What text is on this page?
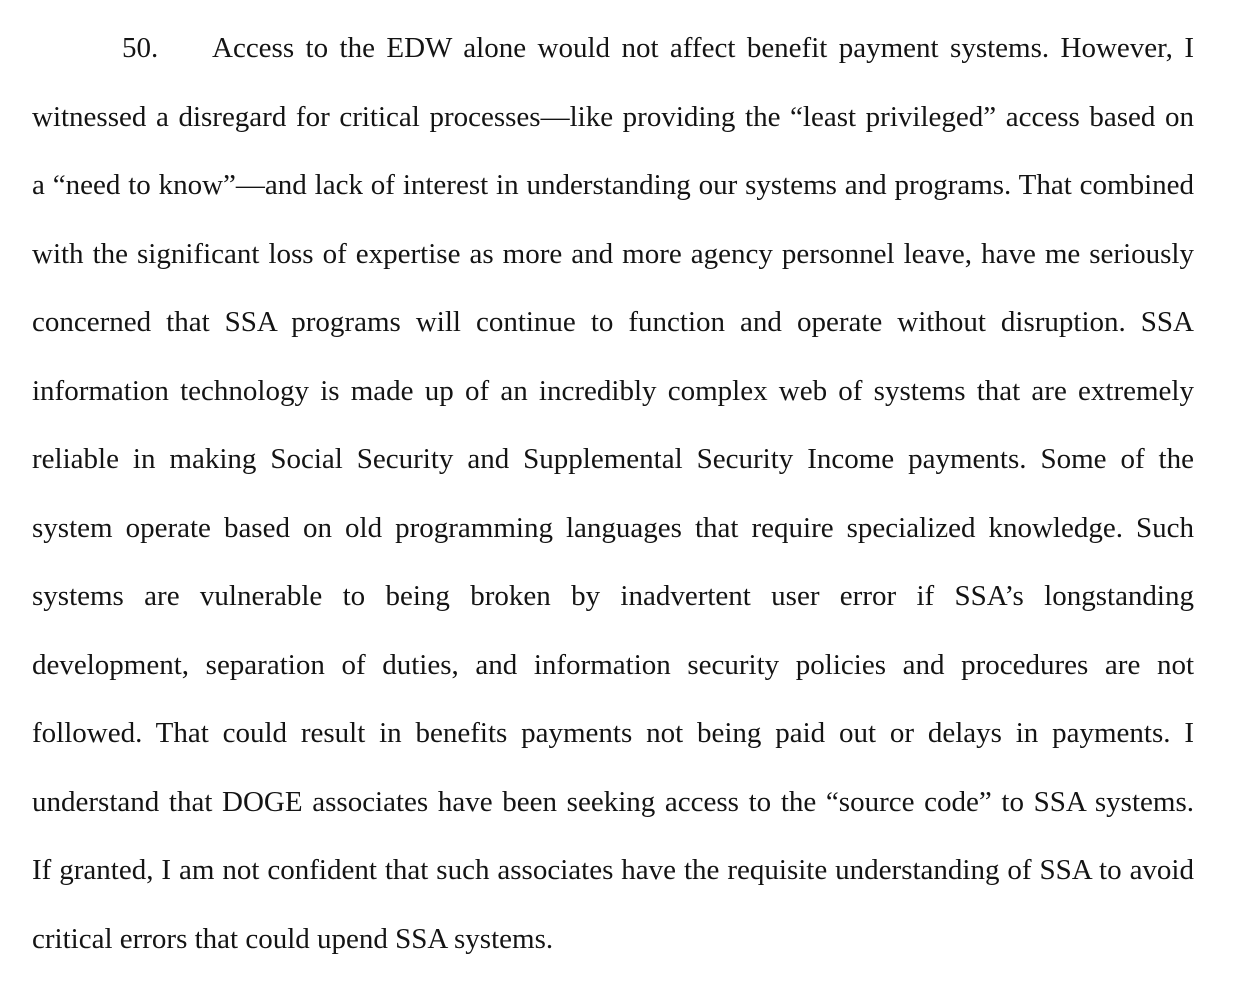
50. Access to the EDW alone would not affect benefit payment systems. However, I
witnessed a disregard for critical processes—like providing the “least privileged” access based on
a “need to know”—and lack of interest in understanding our systems and programs. That combined
with the significant loss of expertise as more and more agency personnel leave, have me seriously
concerned that SSA programs will continue to function and operate without disruption. SSA
information technology is made up of an incredibly complex web of systems that are extremely
reliable in making Social Security and Supplemental Security Income payments. Some of the
system operate based on old programming languages that require specialized knowledge. Such
systems are vulnerable to being broken by inadvertent user error if SSA’s longstanding
development, separation of duties, and information security policies and procedures are not
followed. That could result in benefits payments not being paid out or delays in payments. I
understand that DOGE associates have been seeking access to the “source code” to SSA systems.
If granted, I am not confident that such associates have the requisite understanding of SSA to avoid
critical errors that could upend SSA systems.
